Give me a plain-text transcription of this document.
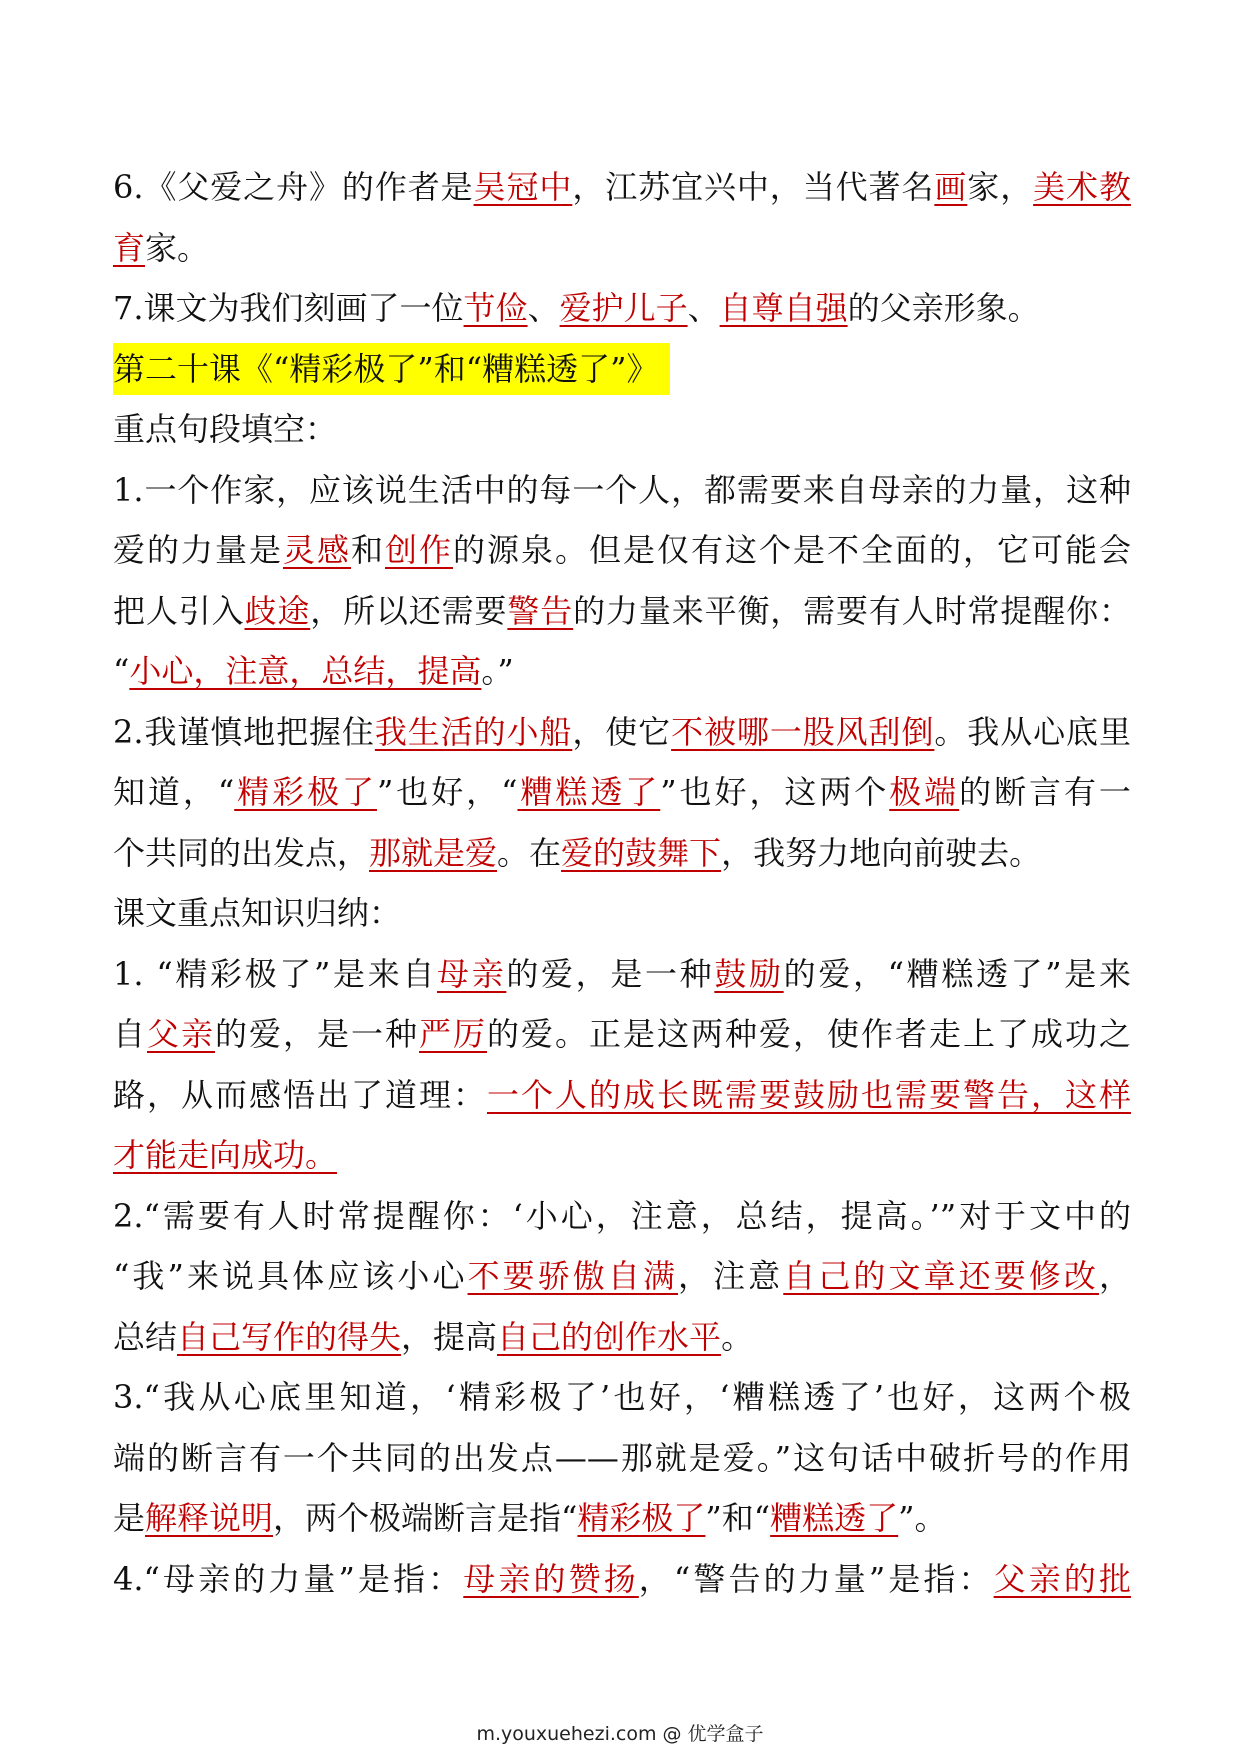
6.《父爱之舟》的作者是吴冠中，江苏宜兴中，当代著名画家，美术教
育家。
7.课文为我们刻画了一位节俭、爱护儿子、自尊自强的父亲形象。
第二十课《“精彩极了”和“糟糕透了”》
重点句段填空：
1.一个作家，应该说生活中的每一个人，都需要来自母亲的力量，这种
爱的力量是灵感和创作的源泉。但是仅有这个是不全面的，它可能会
把人引入歧途，所以还需要警告的力量来平衡，需要有人时常提醒你：
“小心，注意，总结，提高。”
2.我谨慎地把握住我生活的小船，使它不被哪一股风刮倒。我从心底里
知道，“精彩极了”也好，“糟糕透了”也好，这两个极端的断言有一
个共同的出发点，那就是爱。在爱的鼓舞下，我努力地向前驶去。
课文重点知识归纳：
1. “精彩极了”是来自母亲的爱，是一种鼓励的爱，“糟糕透了”是来
自父亲的爱，是一种严厉的爱。正是这两种爱，使作者走上了成功之
路，从而感悟出了道理：一个人的成长既需要鼓励也需要警告，这样
才能走向成功。
2.“需要有人时常提醒你：‘小心，注意，总结，提高。’”对于文中的
“我”来说具体应该小心不要骄傲自满，注意自己的文章还要修改，
总结自己写作的得失，提高自己的创作水平。
3.“我从心底里知道，‘精彩极了’也好，‘糟糕透了’也好，这两个极
端的断言有一个共同的出发点——那就是爱。”这句话中破折号的作用
是解释说明，两个极端断言是指“精彩极了”和“糟糕透了”。
4.“母亲的力量”是指：母亲的赞扬，“警告的力量”是指：父亲的批
m.youxuehezi.com @ 优学盒子
